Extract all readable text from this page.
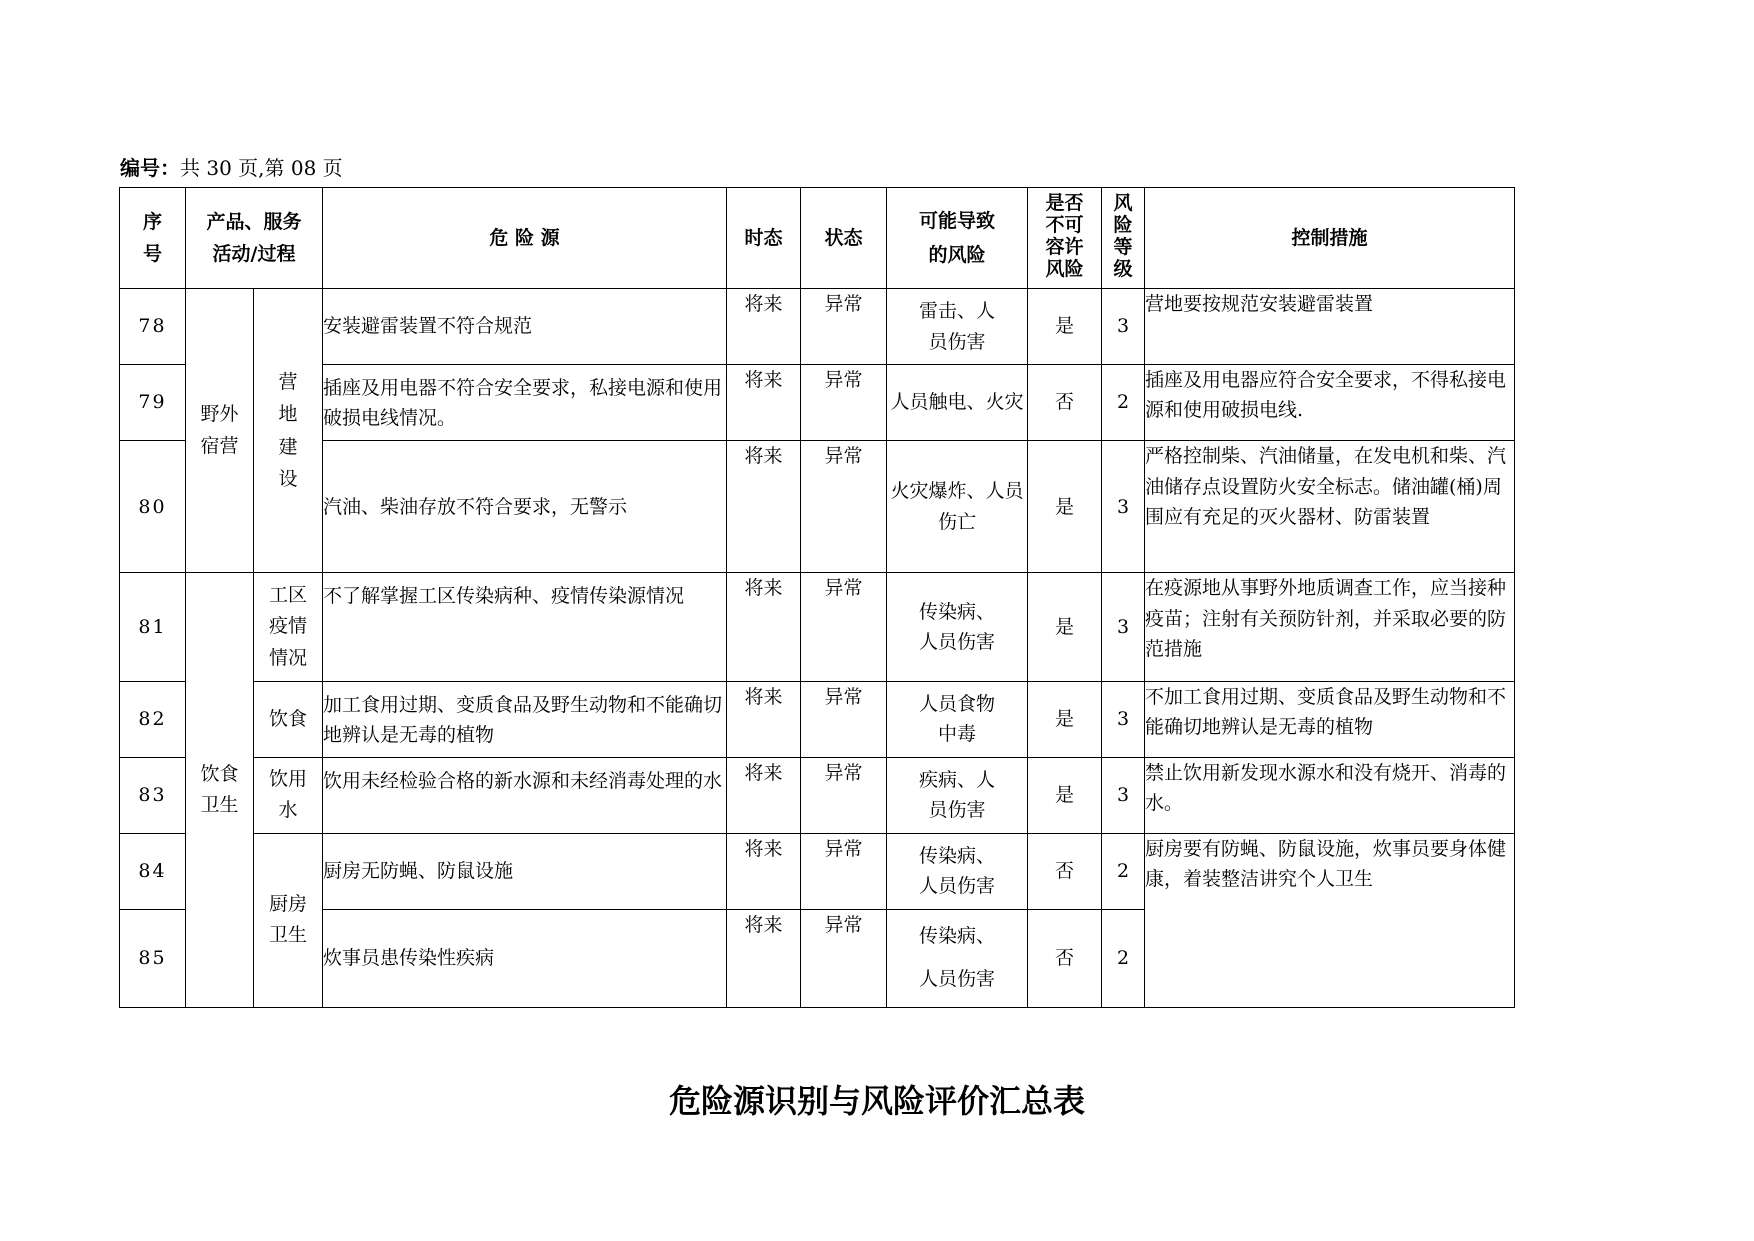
编号：共 30 页,第 08 页
序号	产品、服务活动/过程		危 险 源	时态	状态	可能导致的风险	是否不可容许风险	风险等级	控制措施
78	野外宿营	营地建设	安装避雷装置不符合规范	将来	异常	雷击、人员伤害	是	3	营地要按规范安装避雷装置
79			插座及用电器不符合安全要求，私接电源和使用破损电线情况。	将来	异常	人员触电、火灾	否	2	插座及用电器应符合安全要求，不得私接电源和使用破损电线.
80			汽油、柴油存放不符合要求，无警示	将来	异常	火灾爆炸、人员伤亡	是	3	严格控制柴、汽油储量，在发电机和柴、汽油储存点设置防火安全标志。储油罐(桶)周围应有充足的灭火器材、防雷装置
81	饮食卫生	工区疫情情况	不了解掌握工区传染病种、疫情传染源情况	将来	异常	传染病、人员伤害	是	3	在疫源地从事野外地质调查工作，应当接种疫苗；注射有关预防针剂，并采取必要的防范措施
82		饮食	加工食用过期、变质食品及野生动物和不能确切地辨认是无毒的植物	将来	异常	人员食物中毒	是	3	不加工食用过期、变质食品及野生动物和不能确切地辨认是无毒的植物
83		饮用水	饮用未经检验合格的新水源和未经消毒处理的水	将来	异常	疾病、人员伤害	是	3	禁止饮用新发现水源水和没有烧开、消毒的水。
84		厨房卫生	厨房无防蝇、防鼠设施	将来	异常	传染病、人员伤害	否	2	厨房要有防蝇、防鼠设施，炊事员要身体健康，着装整洁讲究个人卫生
85			炊事员患传染性疾病	将来	异常	传染病、人员伤害	否	2	
危险源识别与风险评价汇总表
